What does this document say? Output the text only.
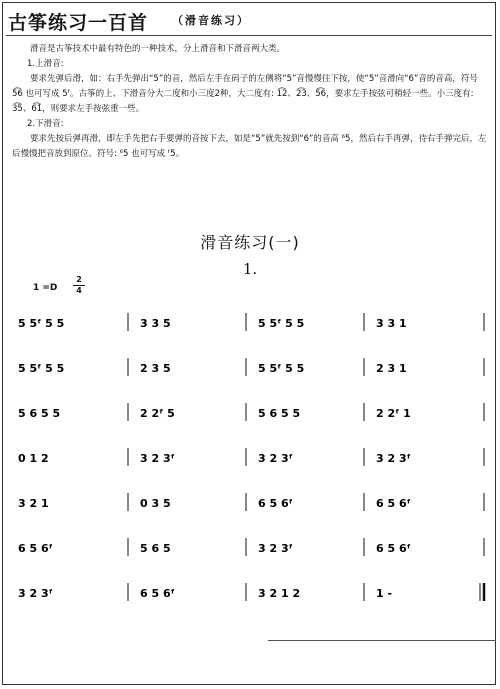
古筝练习一百首 （滑音练习）

滑音是古筝技术中最有特色的一种技术，分上滑音和下滑音两大类。

1.上滑音:

要求先弹后滑，如：右手先弹出“5”的音，然后左手在码子的左侧将“5”音慢慢往下按，使“5”音滑向“6”音的音高，符号 5͡6 也可写成 5ᶠ。古筝的上、下滑音分大二度和小三度2种，大二度有: 1͡2、2͡3、5͡6，要求左手按弦可稍轻一些。小三度有: 3͡5、6͡1̇，则要求左手按弦重一些。

2.下滑音:

要求先按后弹再滑，即左手先把右手要弹的音按下去，如是“5”就先按到“6”的音高 ⁶5，然后右手再弹，待右手弹完后，左后慢慢把音放到原位。符号: ⁶5 也可写成 ᶠ5。

滑音练习(一)
1.
1 =D
2
4
5 5ᶠ 5 5	3 3 5	5 5ᶠ 5 5	3 3 1
5 5ᶠ 5 5	2 3 5	5 5ᶠ 5 5	2 3 1
5 6 5 5	2 2ᶠ 5	5 6 5 5	2 2ᶠ 1
0 1 2	3 2 3ᶠ	3 2 3ᶠ	3 2 3ᶠ
3 2 1	0 3 5	6 5 6ᶠ	6 5 6ᶠ
6 5 6ᶠ	5 6 5	3 2 3ᶠ	6 5 6ᶠ
3 2 3ᶠ	6 5 6ᶠ	3 2 1 2	1 -
